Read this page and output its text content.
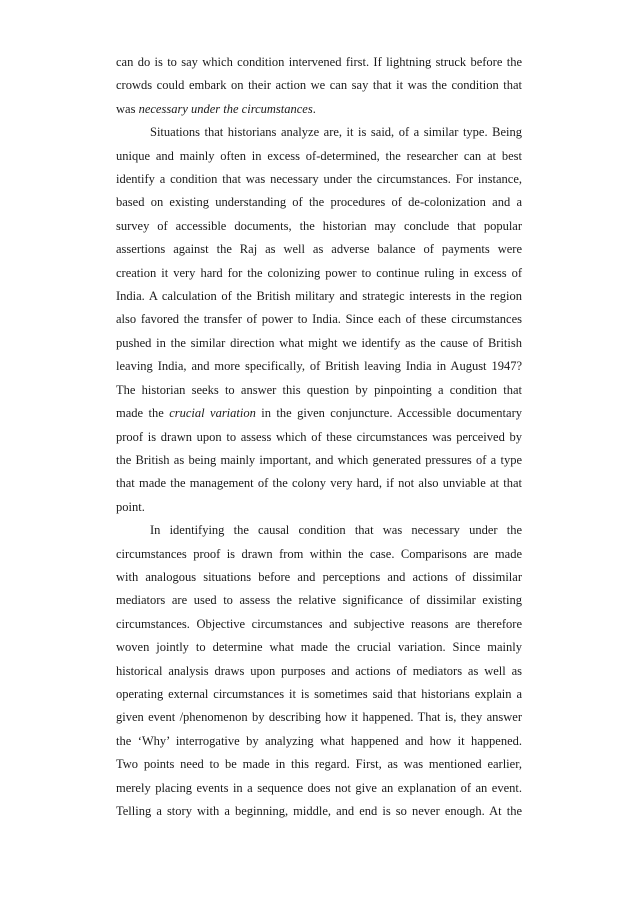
can do is to say which condition intervened first. If lightning struck before the
crowds could embark on their action we can say that it was the condition that
was necessary under the circumstances.
Situations that historians analyze are, it is said, of a similar type. Being
unique and mainly often in excess of-determined, the researcher can at best
identify a condition that was necessary under the circumstances. For instance,
based on existing understanding of the procedures of de-colonization and a
survey of accessible documents, the historian may conclude that popular
assertions against the Raj as well as adverse balance of payments were
creation it very hard for the colonizing power to continue ruling in excess of
India. A calculation of the British military and strategic interests in the region
also favored the transfer of power to India. Since each of these circumstances
pushed in the similar direction what might we identify as the cause of British
leaving India, and more specifically, of British leaving India in August 1947?
The historian seeks to answer this question by pinpointing a condition that
made the crucial variation in the given conjuncture. Accessible documentary
proof is drawn upon to assess which of these circumstances was perceived by
the British as being mainly important, and which generated pressures of a type
that made the management of the colony very hard, if not also unviable at that
point.
In identifying the causal condition that was necessary under the
circumstances proof is drawn from within the case. Comparisons are made
with analogous situations before and perceptions and actions of dissimilar
mediators are used to assess the relative significance of dissimilar existing
circumstances. Objective circumstances and subjective reasons are therefore
woven jointly to determine what made the crucial variation. Since mainly
historical analysis draws upon purposes and actions of mediators as well as
operating external circumstances it is sometimes said that historians explain a
given event /phenomenon by describing how it happened. That is, they answer
the ‘Why’ interrogative by analyzing what happened and how it happened.
Two points need to be made in this regard. First, as was mentioned earlier,
merely placing events in a sequence does not give an explanation of an event.
Telling a story with a beginning, middle, and end is so never enough. At the
